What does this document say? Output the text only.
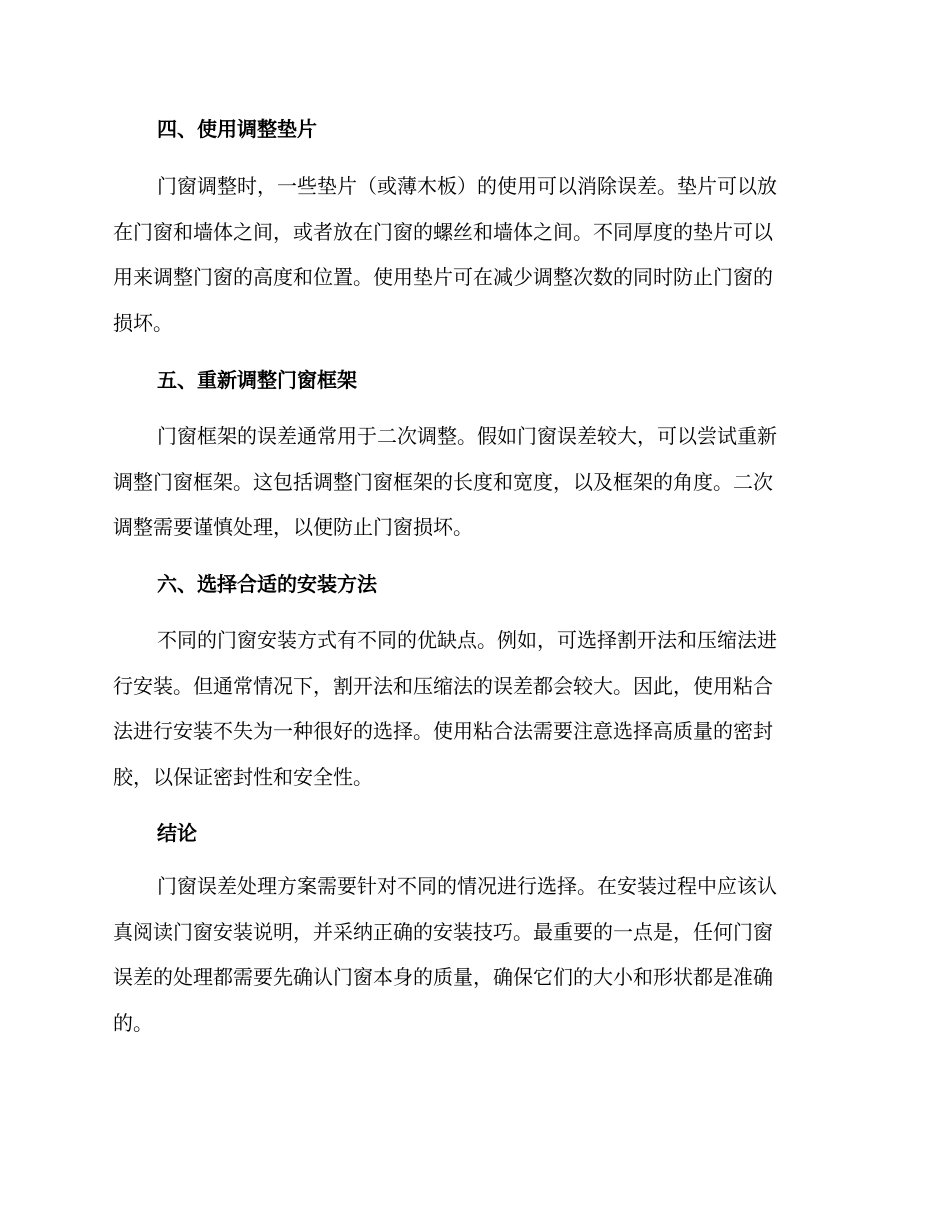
四、使用调整垫片
门窗调整时，一些垫片（或薄木板）的使用可以消除误差。垫片可以放
在门窗和墙体之间，或者放在门窗的螺丝和墙体之间。不同厚度的垫片可以
用来调整门窗的高度和位置。使用垫片可在减少调整次数的同时防止门窗的
损坏。
五、重新调整门窗框架
门窗框架的误差通常用于二次调整。假如门窗误差较大，可以尝试重新
调整门窗框架。这包括调整门窗框架的长度和宽度，以及框架的角度。二次
调整需要谨慎处理，以便防止门窗损坏。
六、选择合适的安装方法
不同的门窗安装方式有不同的优缺点。例如，可选择割开法和压缩法进
行安装。但通常情况下，割开法和压缩法的误差都会较大。因此，使用粘合
法进行安装不失为一种很好的选择。使用粘合法需要注意选择高质量的密封
胶，以保证密封性和安全性。
结论
门窗误差处理方案需要针对不同的情况进行选择。在安装过程中应该认
真阅读门窗安装说明，并采纳正确的安装技巧。最重要的一点是，任何门窗
误差的处理都需要先确认门窗本身的质量，确保它们的大小和形状都是准确
的。
